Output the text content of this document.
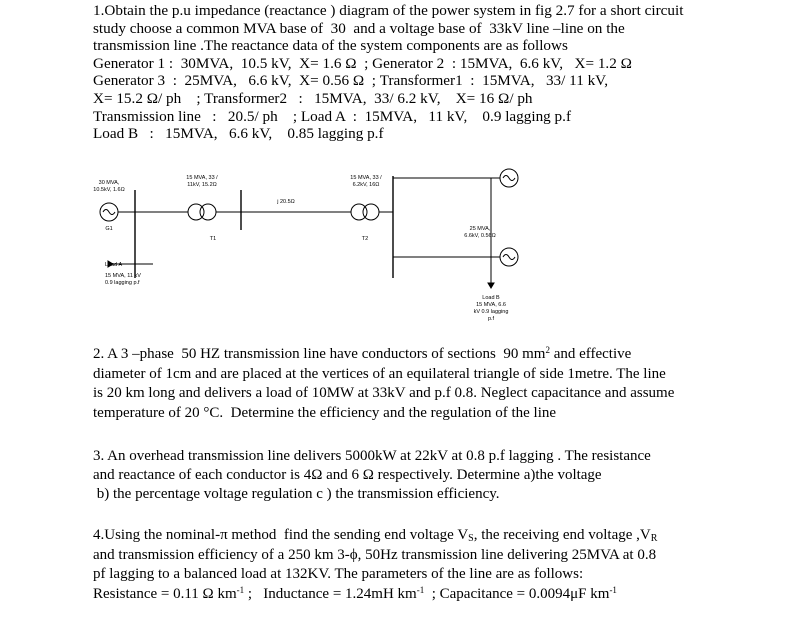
1.Obtain the p.u impedance (reactance ) diagram of the power system in fig 2.7 for a short circuit

study choose a common MVA base of  30  and a voltage base of  33kV line –line on the

transmission line .The reactance data of the system components are as follows

Generator 1 :  30MVA,  10.5 kV,  X= 1.6 Ω  ; Generator 2  : 15MVA,  6.6 kV,   X= 1.2 Ω

Generator 3  :  25MVA,   6.6 kV,  X= 0.56 Ω  ; Transformer1  :  15MVA,   33/ 11 kV,

X= 15.2 Ω/ ph    ; Transformer2   :   15MVA,  33/ 6.2 kV,    X= 16 Ω/ ph

Transmission line   :   20.5/ ph    ; Load A  :  15MVA,   11 kV,    0.9 lagging p.f

Load B   :   15MVA,   6.6 kV,    0.85 lagging p.f

30 MVA,
10.5kV, 1.6Ω
G1
15 MVA, 33 /
11kV, 15.2Ω
T1
j 20.5Ω
15 MVA, 33 /
6.2kV, 16Ω
T2
25 MVA,
6.6kV, 0.56Ω
Load A
15 MVA, 11 kV
0.9 lagging p.f
Load B
15 MVA, 6.6
kV 0.9 lagging
p.f

2. A 3 –phase  50 HZ transmission line have conductors of sections  90 $mm^2$ and effective

diameter of 1cm and are placed at the vertices of an equilateral triangle of side 1metre. The line

is 20 km long and delivers a load of 10MW at 33kV and p.f 0.8. Neglect capacitance and assume

temperature of 20 °C.  Determine the efficiency and the regulation of the line

3. An overhead transmission line delivers 5000kW at 22kV at 0.8 p.f lagging . The resistance

and reactance of each conductor is 4Ω and 6 Ω respectively. Determine a)the voltage

b) the percentage voltage regulation c ) the transmission efficiency.

4.Using the nominal-π method  find the sending end voltage $V_S$, the receiving end voltage $,V_R$

and transmission efficiency of a 250 km 3-ϕ, 50Hz transmission line delivering 25MVA at 0.8

pf lagging to a balanced load at 132KV. The parameters of the line are as follows:

Resistance = 0.11 Ω $km^{-1}$ ;   Inductance = 1.24mH $km^{-1}$  ; Capacitance = 0.0094μF $km^{-1}$
